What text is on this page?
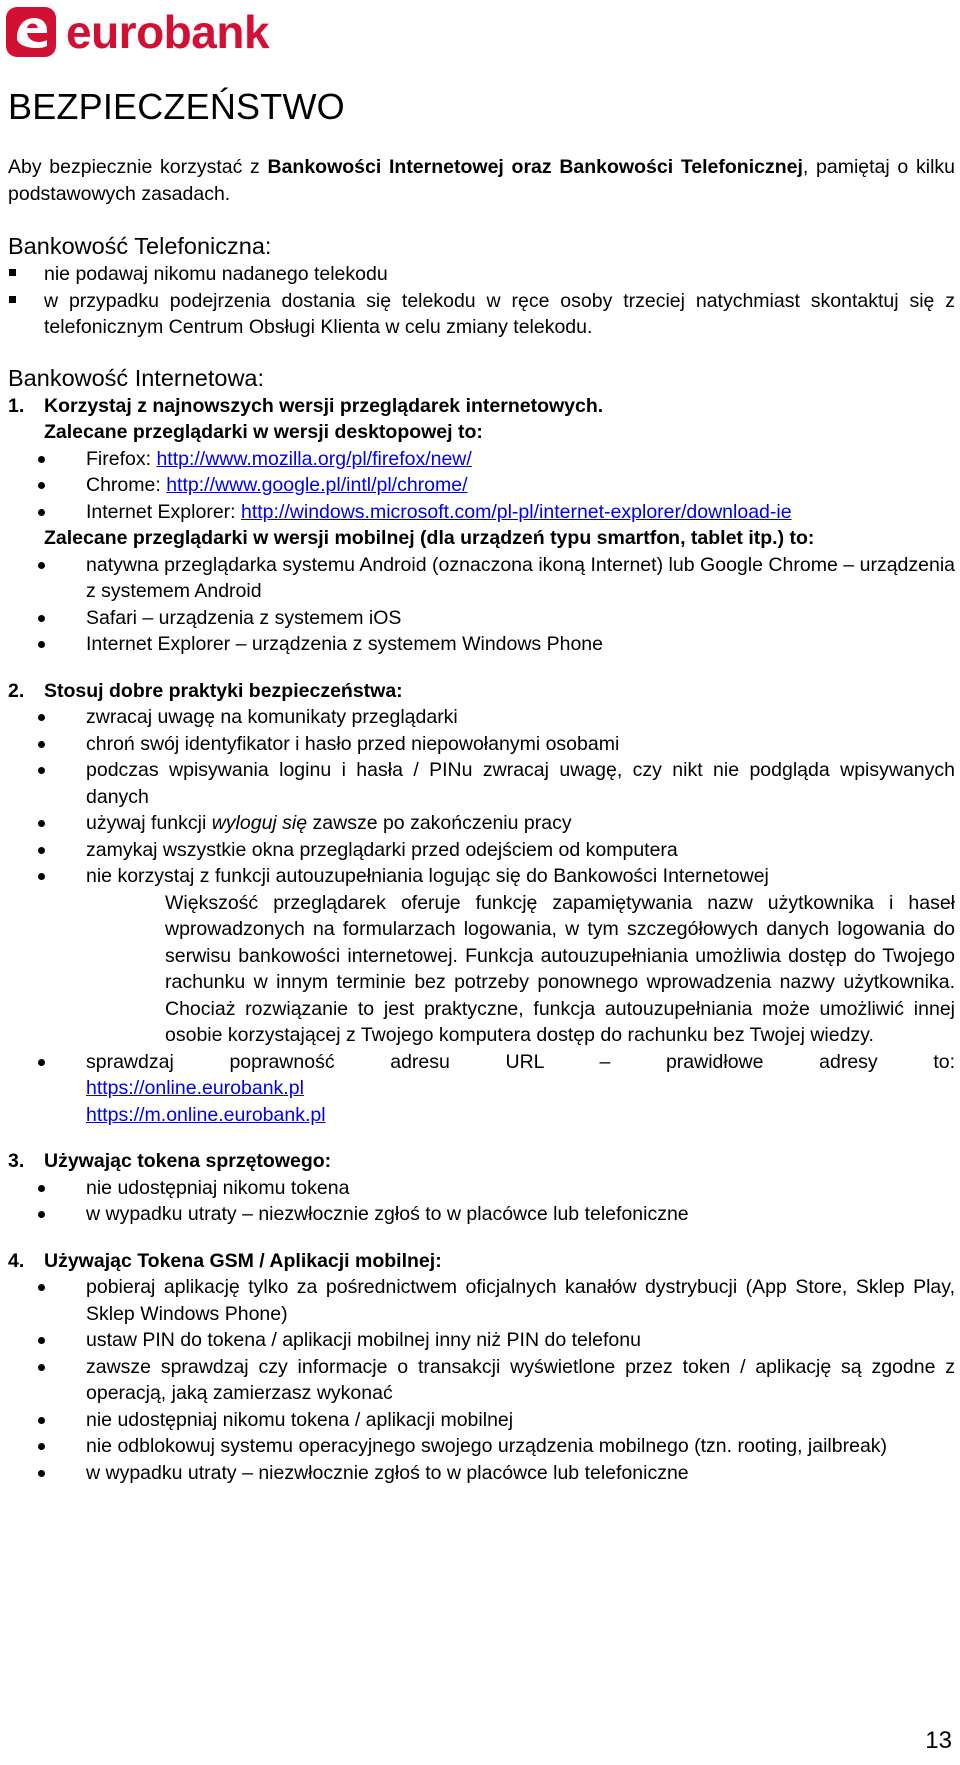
eurobank
BEZPIECZEŃSTWO

Aby bezpiecznie korzystać z Bankowości Internetowej oraz Bankowości Telefonicznej, pamiętaj o kilku podstawowych zasadach.

Bankowość Telefoniczna:
nie podawaj nikomu nadanego telekodu
w przypadku podejrzenia dostania się telekodu w ręce osoby trzeciej natychmiast skontaktuj się z telefonicznym Centrum Obsługi Klienta w celu zmiany telekodu.
Bankowość Internetowa:
1. Korzystaj z najnowszych wersji przeglądarek internetowych.
Zalecane przeglądarki w wersji desktopowej to:
Firefox: http://www.mozilla.org/pl/firefox/new/
Chrome: http://www.google.pl/intl/pl/chrome/
Internet Explorer: http://windows.microsoft.com/pl-pl/internet-explorer/download-ie
Zalecane przeglądarki w wersji mobilnej (dla urządzeń typu smartfon, tablet itp.) to:
natywna przeglądarka systemu Android (oznaczona ikoną Internet) lub Google Chrome – urządzenia z systemem Android
Safari – urządzenia z systemem iOS
Internet Explorer – urządzenia z systemem Windows Phone
2. Stosuj dobre praktyki bezpieczeństwa:
zwracaj uwagę na komunikaty przeglądarki
chroń swój identyfikator i hasło przed niepowołanymi osobami
podczas wpisywania loginu i hasła / PINu zwracaj uwagę, czy nikt nie podgląda wpisywanych danych
używaj funkcji wyloguj się zawsze po zakończeniu pracy
zamykaj wszystkie okna przeglądarki przed odejściem od komputera
nie korzystaj z funkcji autouzupełniania logując się do Bankowości Internetowej

Większość przeglądarek oferuje funkcję zapamiętywania nazw użytkownika i haseł wprowadzonych na formularzach logowania, w tym szczegółowych danych logowania do serwisu bankowości internetowej. Funkcja autouzupełniania umożliwia dostęp do Twojego rachunku w innym terminie bez potrzeby ponownego wprowadzenia nazwy użytkownika. Chociaż rozwiązanie to jest praktyczne, funkcja autouzupełniania może umożliwić innej osobie korzystającej z Twojego komputera dostęp do rachunku bez Twojej wiedzy.

sprawdzaj poprawność adresu URL – prawidłowe adresy to:
https://online.eurobank.pl
https://m.online.eurobank.pl
3. Używając tokena sprzętowego:
nie udostępniaj nikomu tokena
w wypadku utraty – niezwłocznie zgłoś to w placówce lub telefoniczne
4. Używając Tokena GSM / Aplikacji mobilnej:
pobieraj aplikację tylko za pośrednictwem oficjalnych kanałów dystrybucji (App Store, Sklep Play, Sklep Windows Phone)
ustaw PIN do tokena / aplikacji mobilnej inny niż PIN do telefonu
zawsze sprawdzaj czy informacje o transakcji wyświetlone przez token / aplikację są zgodne z operacją, jaką zamierzasz wykonać
nie udostępniaj nikomu tokena / aplikacji mobilnej
nie odblokowuj systemu operacyjnego swojego urządzenia mobilnego (tzn. rooting, jailbreak)
w wypadku utraty – niezwłocznie zgłoś to w placówce lub telefoniczne
13
